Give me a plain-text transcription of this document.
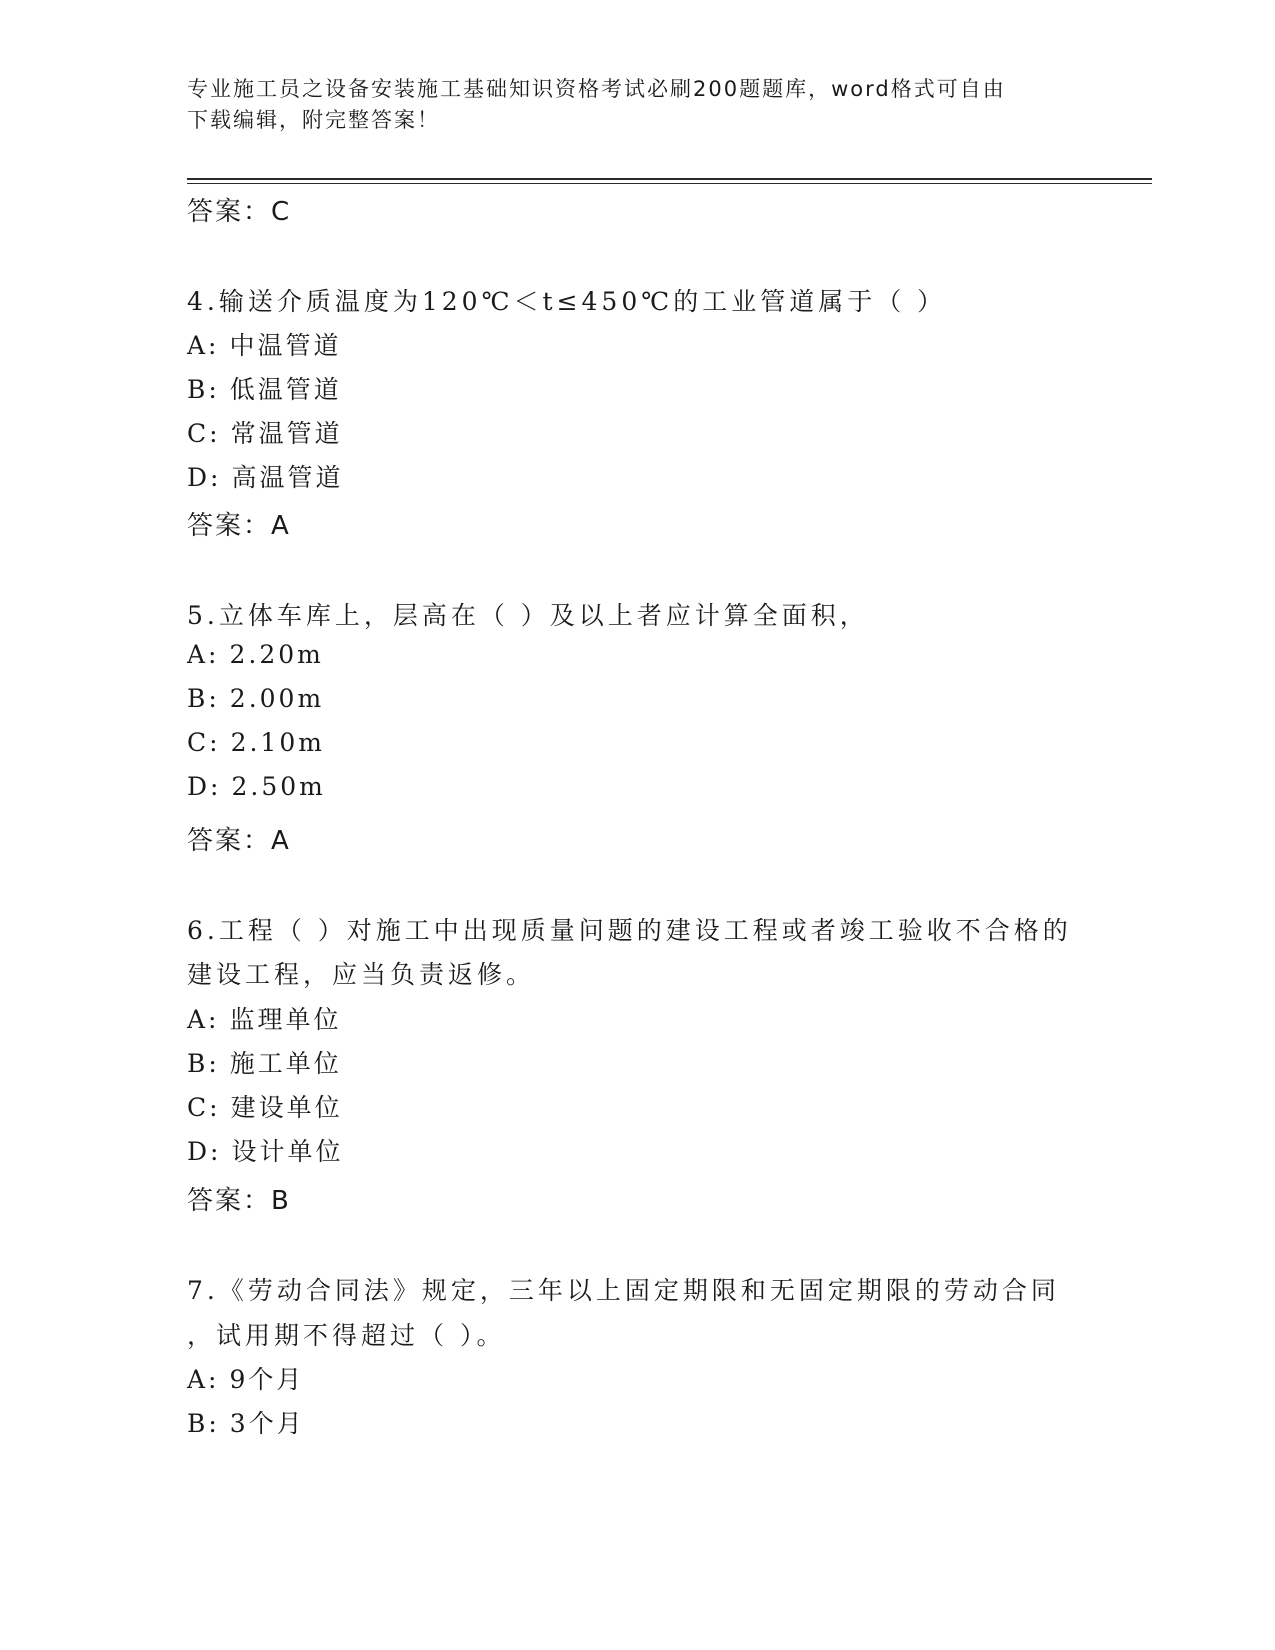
专业施工员之设备安装施工基础知识资格考试必刷200题题库，word格式可自由
下载编辑，附完整答案！
答案：C
4.输送介质温度为120℃＜t≤450℃的工业管道属于（ ）
A: 中温管道
B: 低温管道
C: 常温管道
D: 高温管道
答案：A
5.立体车库上，层高在（ ）及以上者应计算全面积，
A: 2.20m
B: 2.00m
C: 2.10m
D: 2.50m
答案：A
6.工程（ ）对施工中出现质量问题的建设工程或者竣工验收不合格的
建设工程，应当负责返修。
A: 监理单位
B: 施工单位
C: 建设单位
D: 设计单位
答案：B
7.《劳动合同法》规定，三年以上固定期限和无固定期限的劳动合同
，试用期不得超过（ ）。
A: 9个月
B: 3个月
